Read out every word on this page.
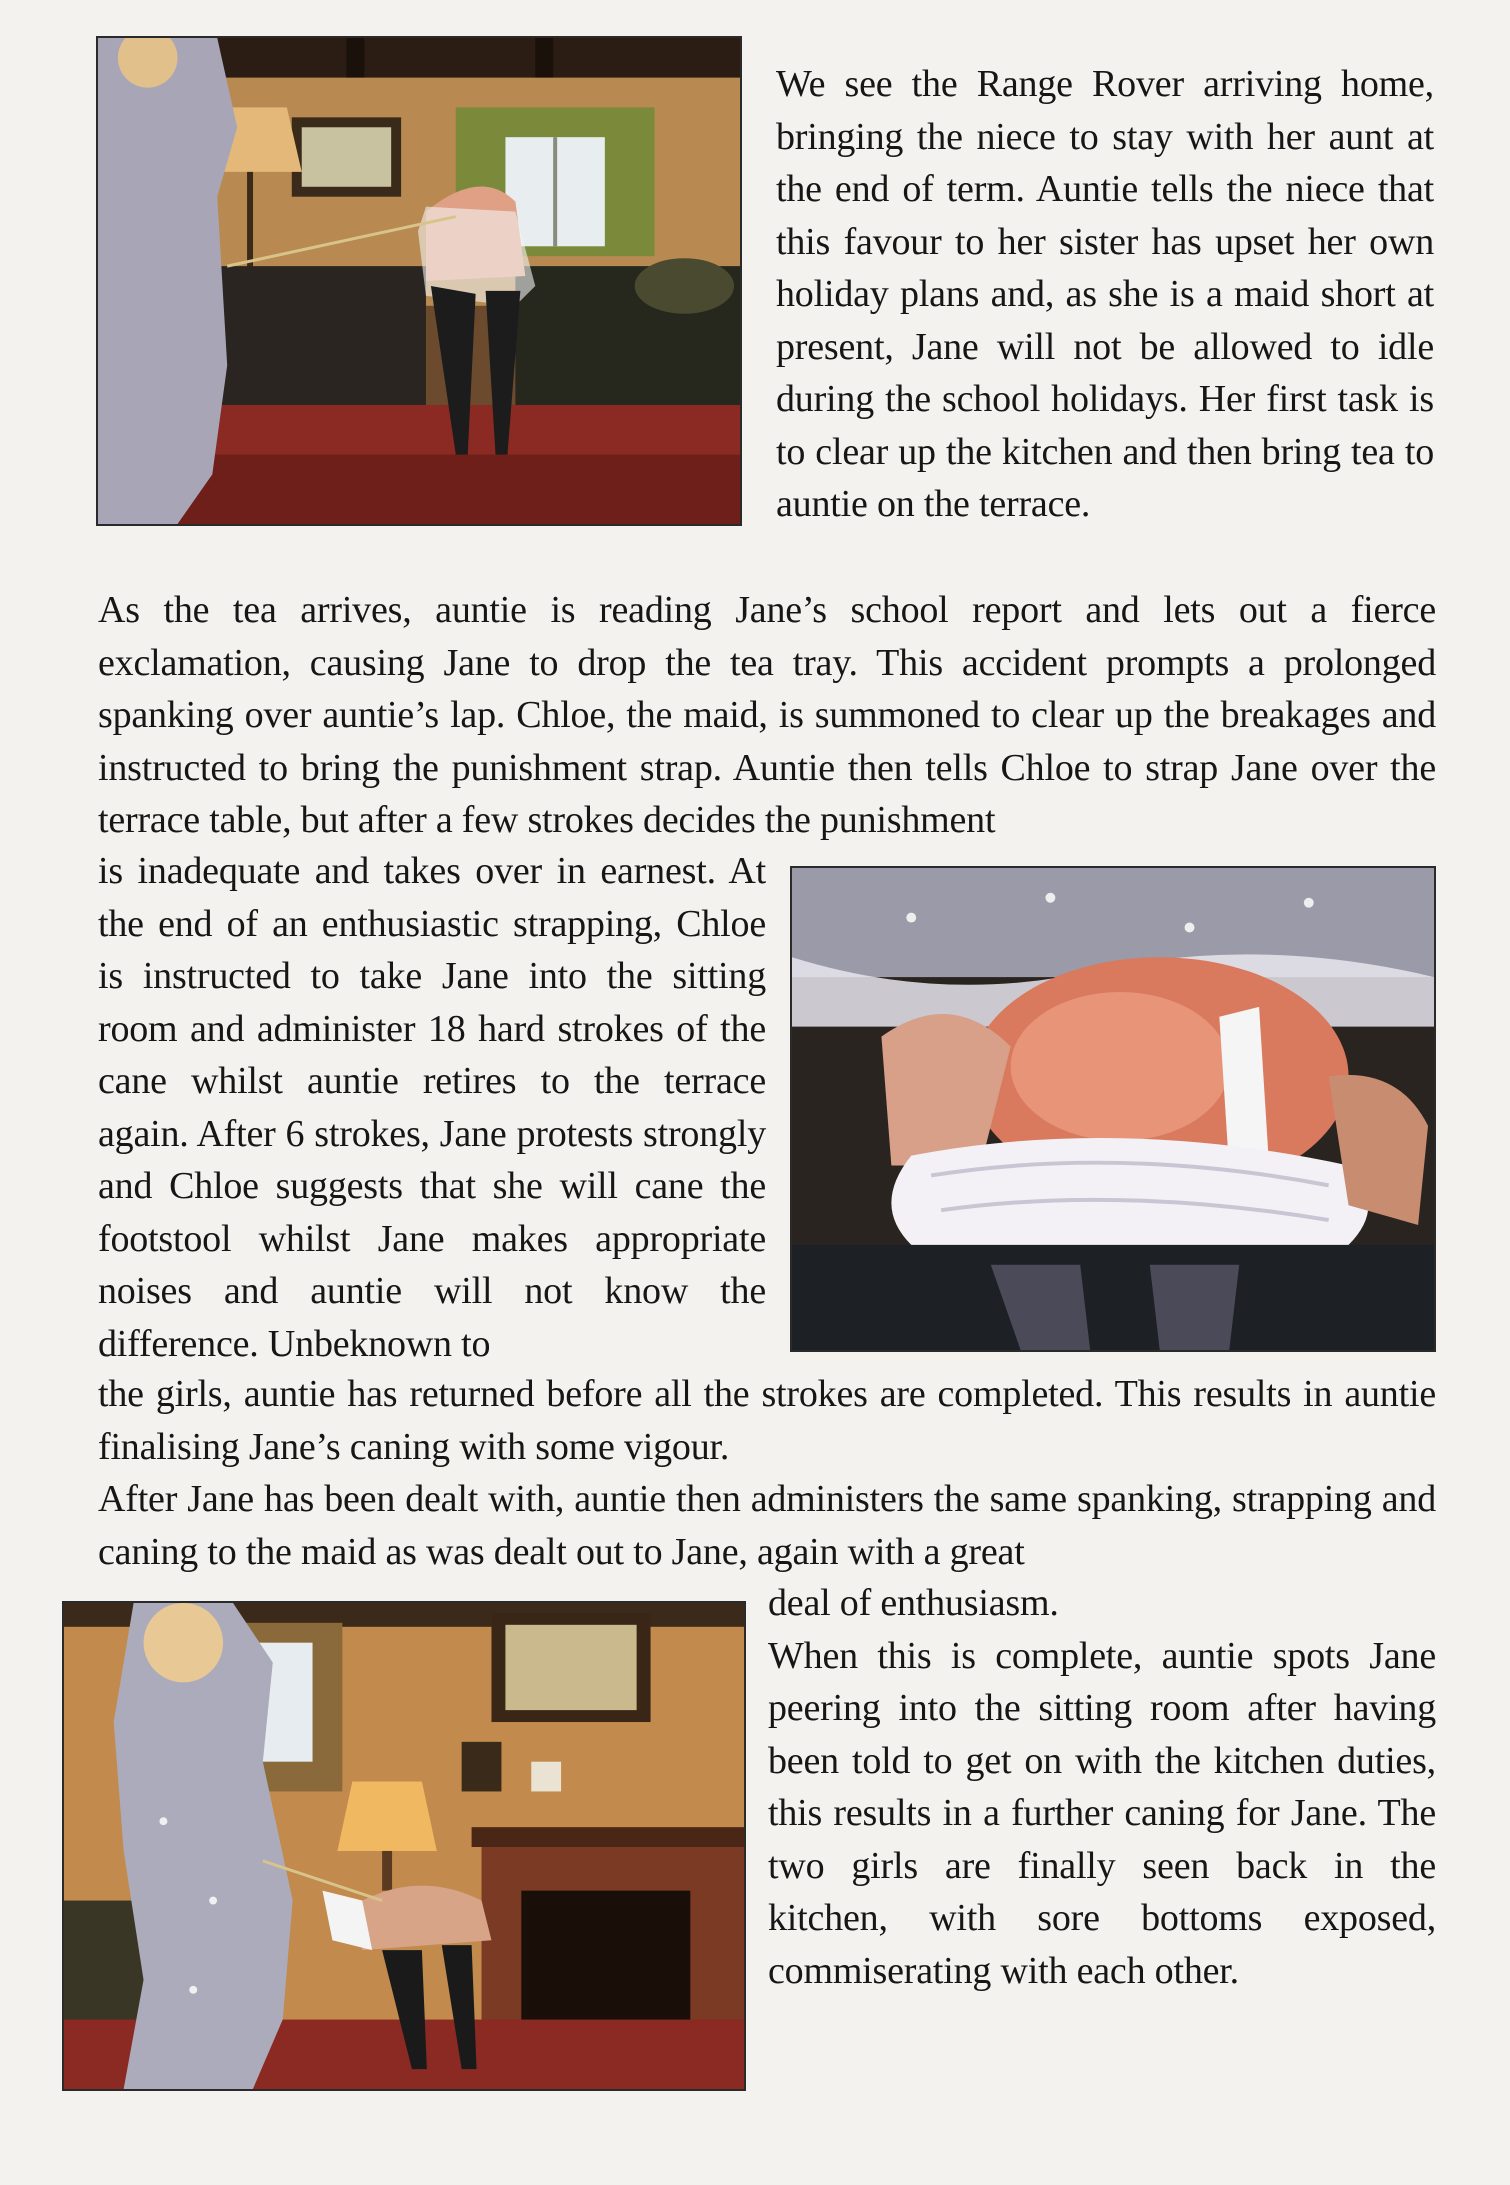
We see the Range Rover arriving home, bringing the niece to stay with her aunt at the end of term. Auntie tells the niece that this favour to her sister has upset her own holiday plans and, as she is a maid short at present, Jane will not be allowed to idle during the school holidays. Her first task is to clear up the kitchen and then bring tea to auntie on the terrace.

As the tea arrives, auntie is reading Jane’s school report and lets out a fierce exclamation, causing Jane to drop the tea tray. This accident prompts a prolonged spanking over auntie’s lap. Chloe, the maid, is summoned to clear up the breakages and instructed to bring the punishment strap. Auntie then tells Chloe to strap Jane over the terrace table, but after a few strokes decides the punishment

is inadequate and takes over in earnest. At the end of an enthusiastic strapping, Chloe is instructed to take Jane into the sitting room and administer 18 hard strokes of the cane whilst auntie retires to the terrace again. After 6 strokes, Jane protests strongly and Chloe suggests that she will cane the footstool whilst Jane makes appropriate noises and auntie will not know the difference. Unbeknown to

the girls, auntie has returned before all the strokes are completed. This results in auntie finalising Jane’s caning with some vigour.

After Jane has been dealt with, auntie then administers the same spanking, strapping and caning to the maid as was dealt out to Jane, again with a great

deal of enthusiasm.

When this is complete, auntie spots Jane peering into the sitting room after having been told to get on with the kitchen duties, this results in a further caning for Jane. The two girls are finally seen back in the kitchen, with sore bottoms exposed, commiserating with each other.
